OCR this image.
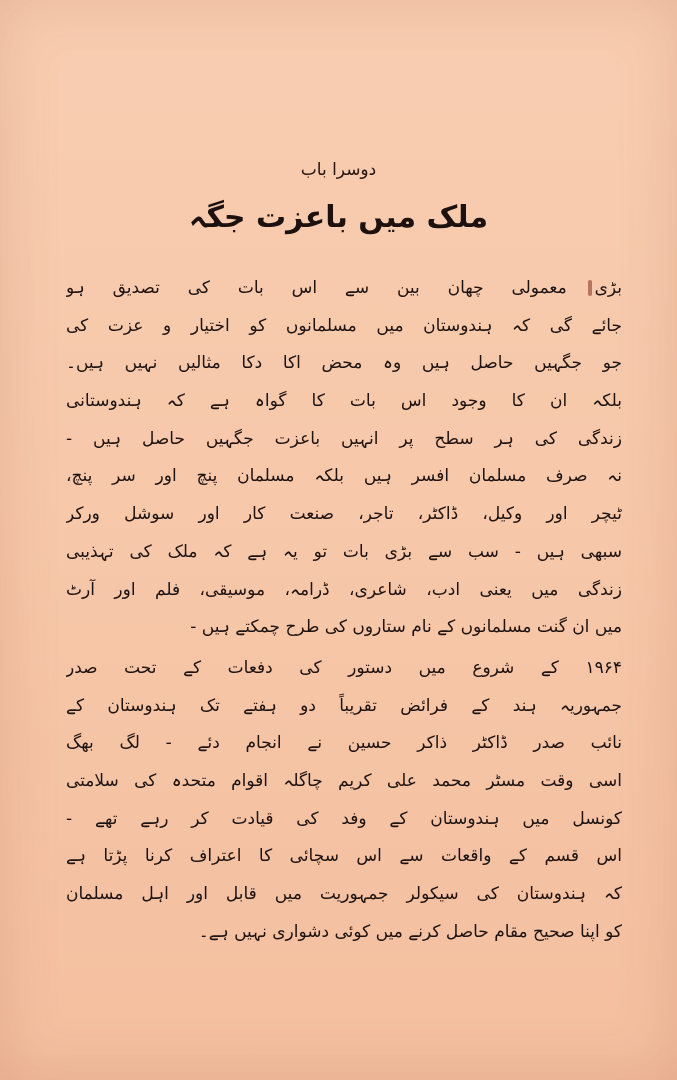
دوسرا باب
ملک میں باعزت جگہ
بڑی معمولی چھان بین سے اس بات کی تصدیق ہو
جائے گی کہ ہندوستان میں مسلمانوں کو اختیار و عزت کی
جو جگہیں حاصل ہیں وہ محض اکا دکا مثالیں نہیں ہیں۔
بلکہ ان کا وجود اس بات کا گواہ ہے کہ ہندوستانی
زندگی کی ہر سطح پر انہیں باعزت جگہیں حاصل ہیں -
نہ صرف مسلمان افسر ہیں بلکہ مسلمان پنچ اور سر پنچ،
ٹیچر اور وکیل، ڈاکٹر، تاجر، صنعت کار اور سوشل ورکر
سبھی ہیں - سب سے بڑی بات تو یہ ہے کہ ملک کی تہذیبی
زندگی میں یعنی ادب، شاعری، ڈرامہ، موسیقی، فلم اور آرٹ
میں ان گنت مسلمانوں کے نام ستاروں کی طرح چمکتے ہیں -
۱۹۶۴ کے شروع میں دستور کی دفعات کے تحت صدر
جمہوریہ ہند کے فرائض تقریباً دو ہفتے تک ہندوستان کے
نائب صدر ڈاکٹر ذاکر حسین نے انجام دئے - لگ بھگ
اسی وقت مسٹر محمد علی کریم چاگلہ اقوام متحدہ کی سلامتی
کونسل میں ہندوستان کے وفد کی قیادت کر رہے تھے -
اس قسم کے واقعات سے اس سچائی کا اعتراف کرنا پڑتا ہے
کہ ہندوستان کی سیکولر جمہوریت میں قابل اور اہل مسلمان
کو اپنا صحیح مقام حاصل کرنے میں کوئی دشواری نہیں ہے۔
